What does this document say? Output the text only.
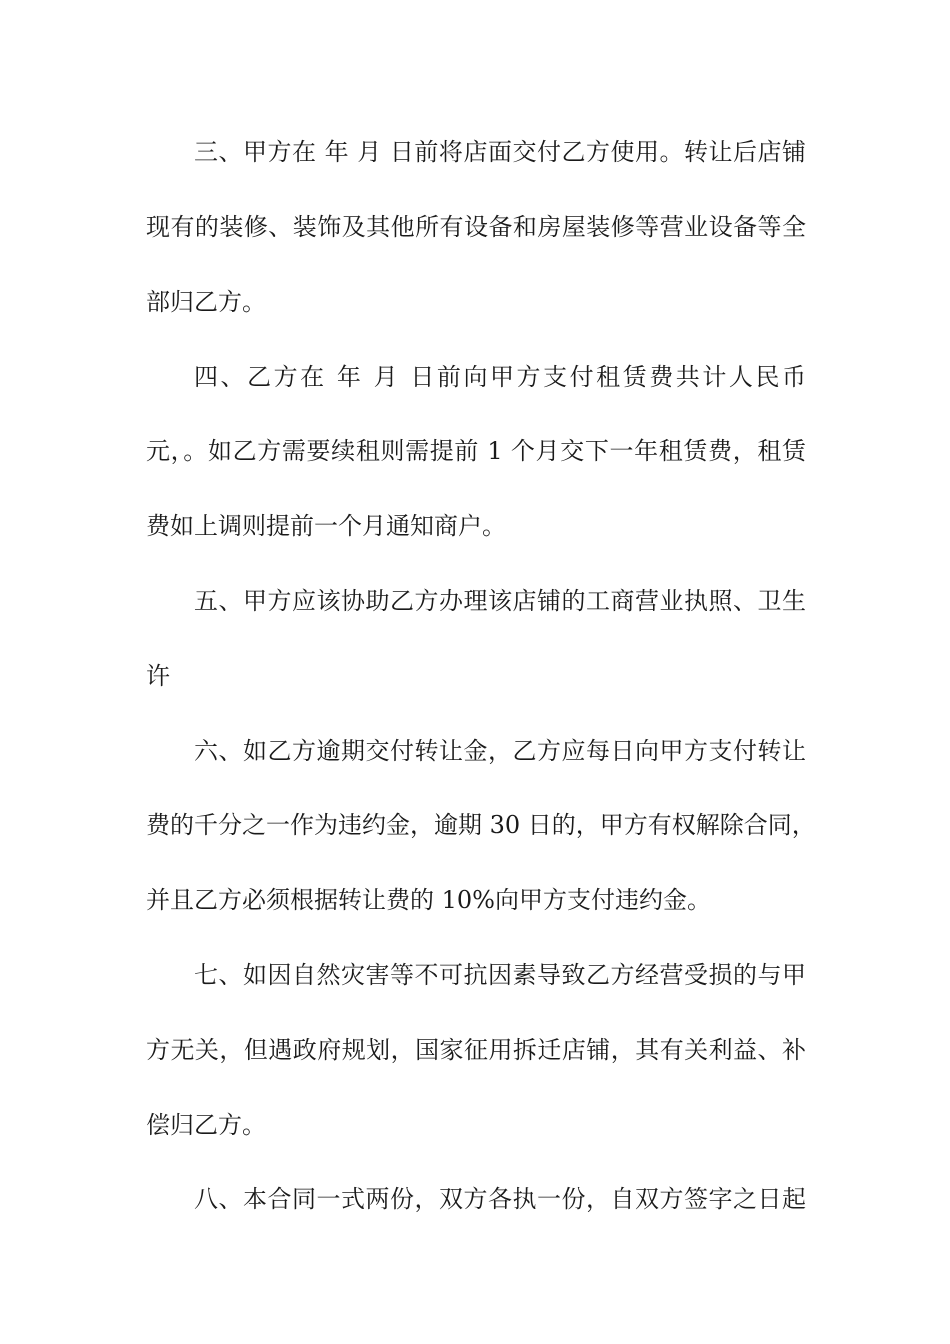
三、甲方在 年 月 日前将店面交付乙方使用。转让后店铺
现有的装修、装饰及其他所有设备和房屋装修等营业设备等全
部归乙方。
四、乙方在 年 月 日前向甲方支付租赁费共计人民币
元，。如乙方需要续租则需提前 1 个月交下一年租赁费，租赁
费如上调则提前一个月通知商户。
五、甲方应该协助乙方办理该店铺的工商营业执照、卫生
许
六、如乙方逾期交付转让金，乙方应每日向甲方支付转让
费的千分之一作为违约金，逾期 30 日的，甲方有权解除合同，
并且乙方必须根据转让费的 10%向甲方支付违约金。
七、如因自然灾害等不可抗因素导致乙方经营受损的与甲
方无关，但遇政府规划，国家征用拆迁店铺，其有关利益、补
偿归乙方。
八、本合同一式两份，双方各执一份，自双方签字之日起
